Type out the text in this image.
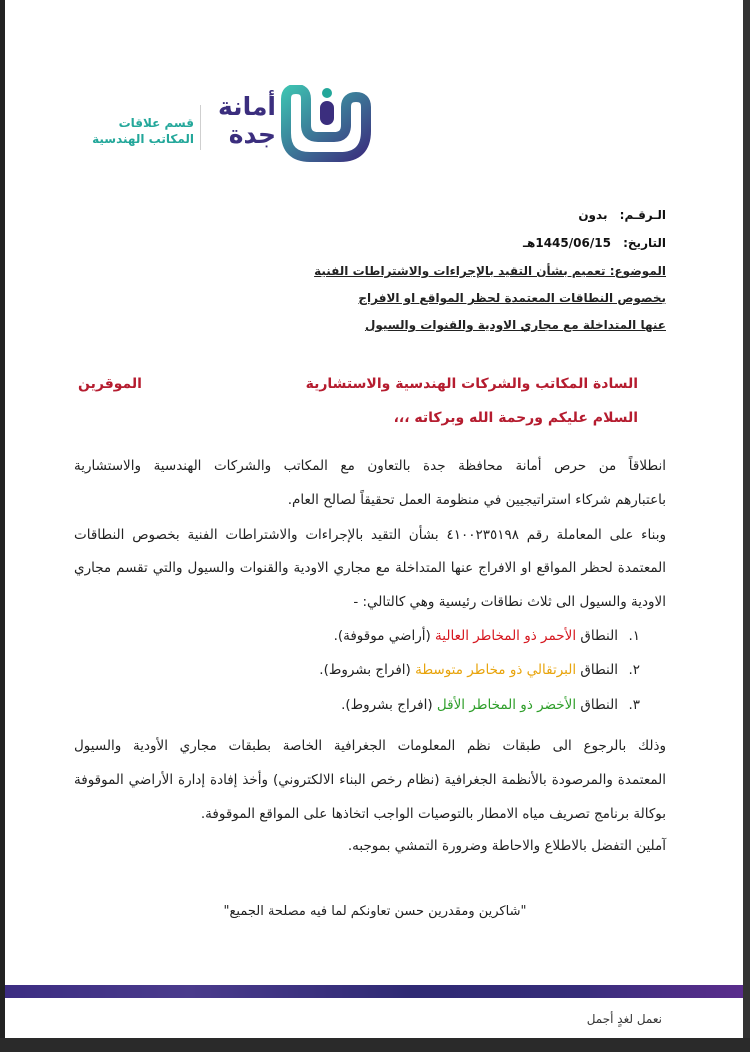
أمانة
جدة
قسم علاقات
المكاتب الهندسية
الـرقـم: بدون
التاريخ: 1445/06/15هـ
الموضوع: تعميم بشأن التقيد بالإجراءات والاشتراطات الفنية
بخصوص النطاقات المعتمدة لحظر المواقع او الافراج
عنها المتداخلة مع مجاري الاودية والقنوات والسيول
السادة المكاتب والشركات الهندسية والاستشارية
الموقرين
السلام عليكم ورحمة الله وبركاته ،،،
انطلاقاً من حرص أمانة محافظة جدة بالتعاون مع المكاتب والشركات الهندسية والاستشارية
باعتبارهم شركاء استراتيجيين في منظومة العمل تحقيقاً لصالح العام.
وبناء على المعاملة رقم ٤١٠٠٢٣٥١٩٨ بشأن التقيد بالإجراءات والاشتراطات الفنية بخصوص النطاقات
المعتمدة لحظر المواقع او الافراج عنها المتداخلة مع مجاري الاودية والقنوات والسيول والتي تقسم مجاري
الاودية والسيول الى ثلاث نطاقات رئيسية وهي كالتالي: -
١.النطاق الأحمر ذو المخاطر العالية (أراضي موقوفة).
٢.النطاق البرتقالي ذو مخاطر متوسطة (افراج بشروط).
٣.النطاق الأخضر ذو المخاطر الأقل (افراج بشروط).
وذلك بالرجوع الى طبقات نظم المعلومات الجغرافية الخاصة بطبقات مجاري الأودية والسيول
المعتمدة والمرصودة بالأنظمة الجغرافية (نظام رخص البناء الالكتروني) وأخذ إفادة إدارة الأراضي الموقوفة
بوكالة برنامج تصريف مياه الامطار بالتوصيات الواجب اتخاذها على المواقع الموقوفة.
آملين التفضل بالاطلاع والاحاطة وضرورة التمشي بموجبه.
"شاكرين ومقدرين حسن تعاونكم لما فيه مصلحة الجميع"
نعمل لغدٍ أجمل
